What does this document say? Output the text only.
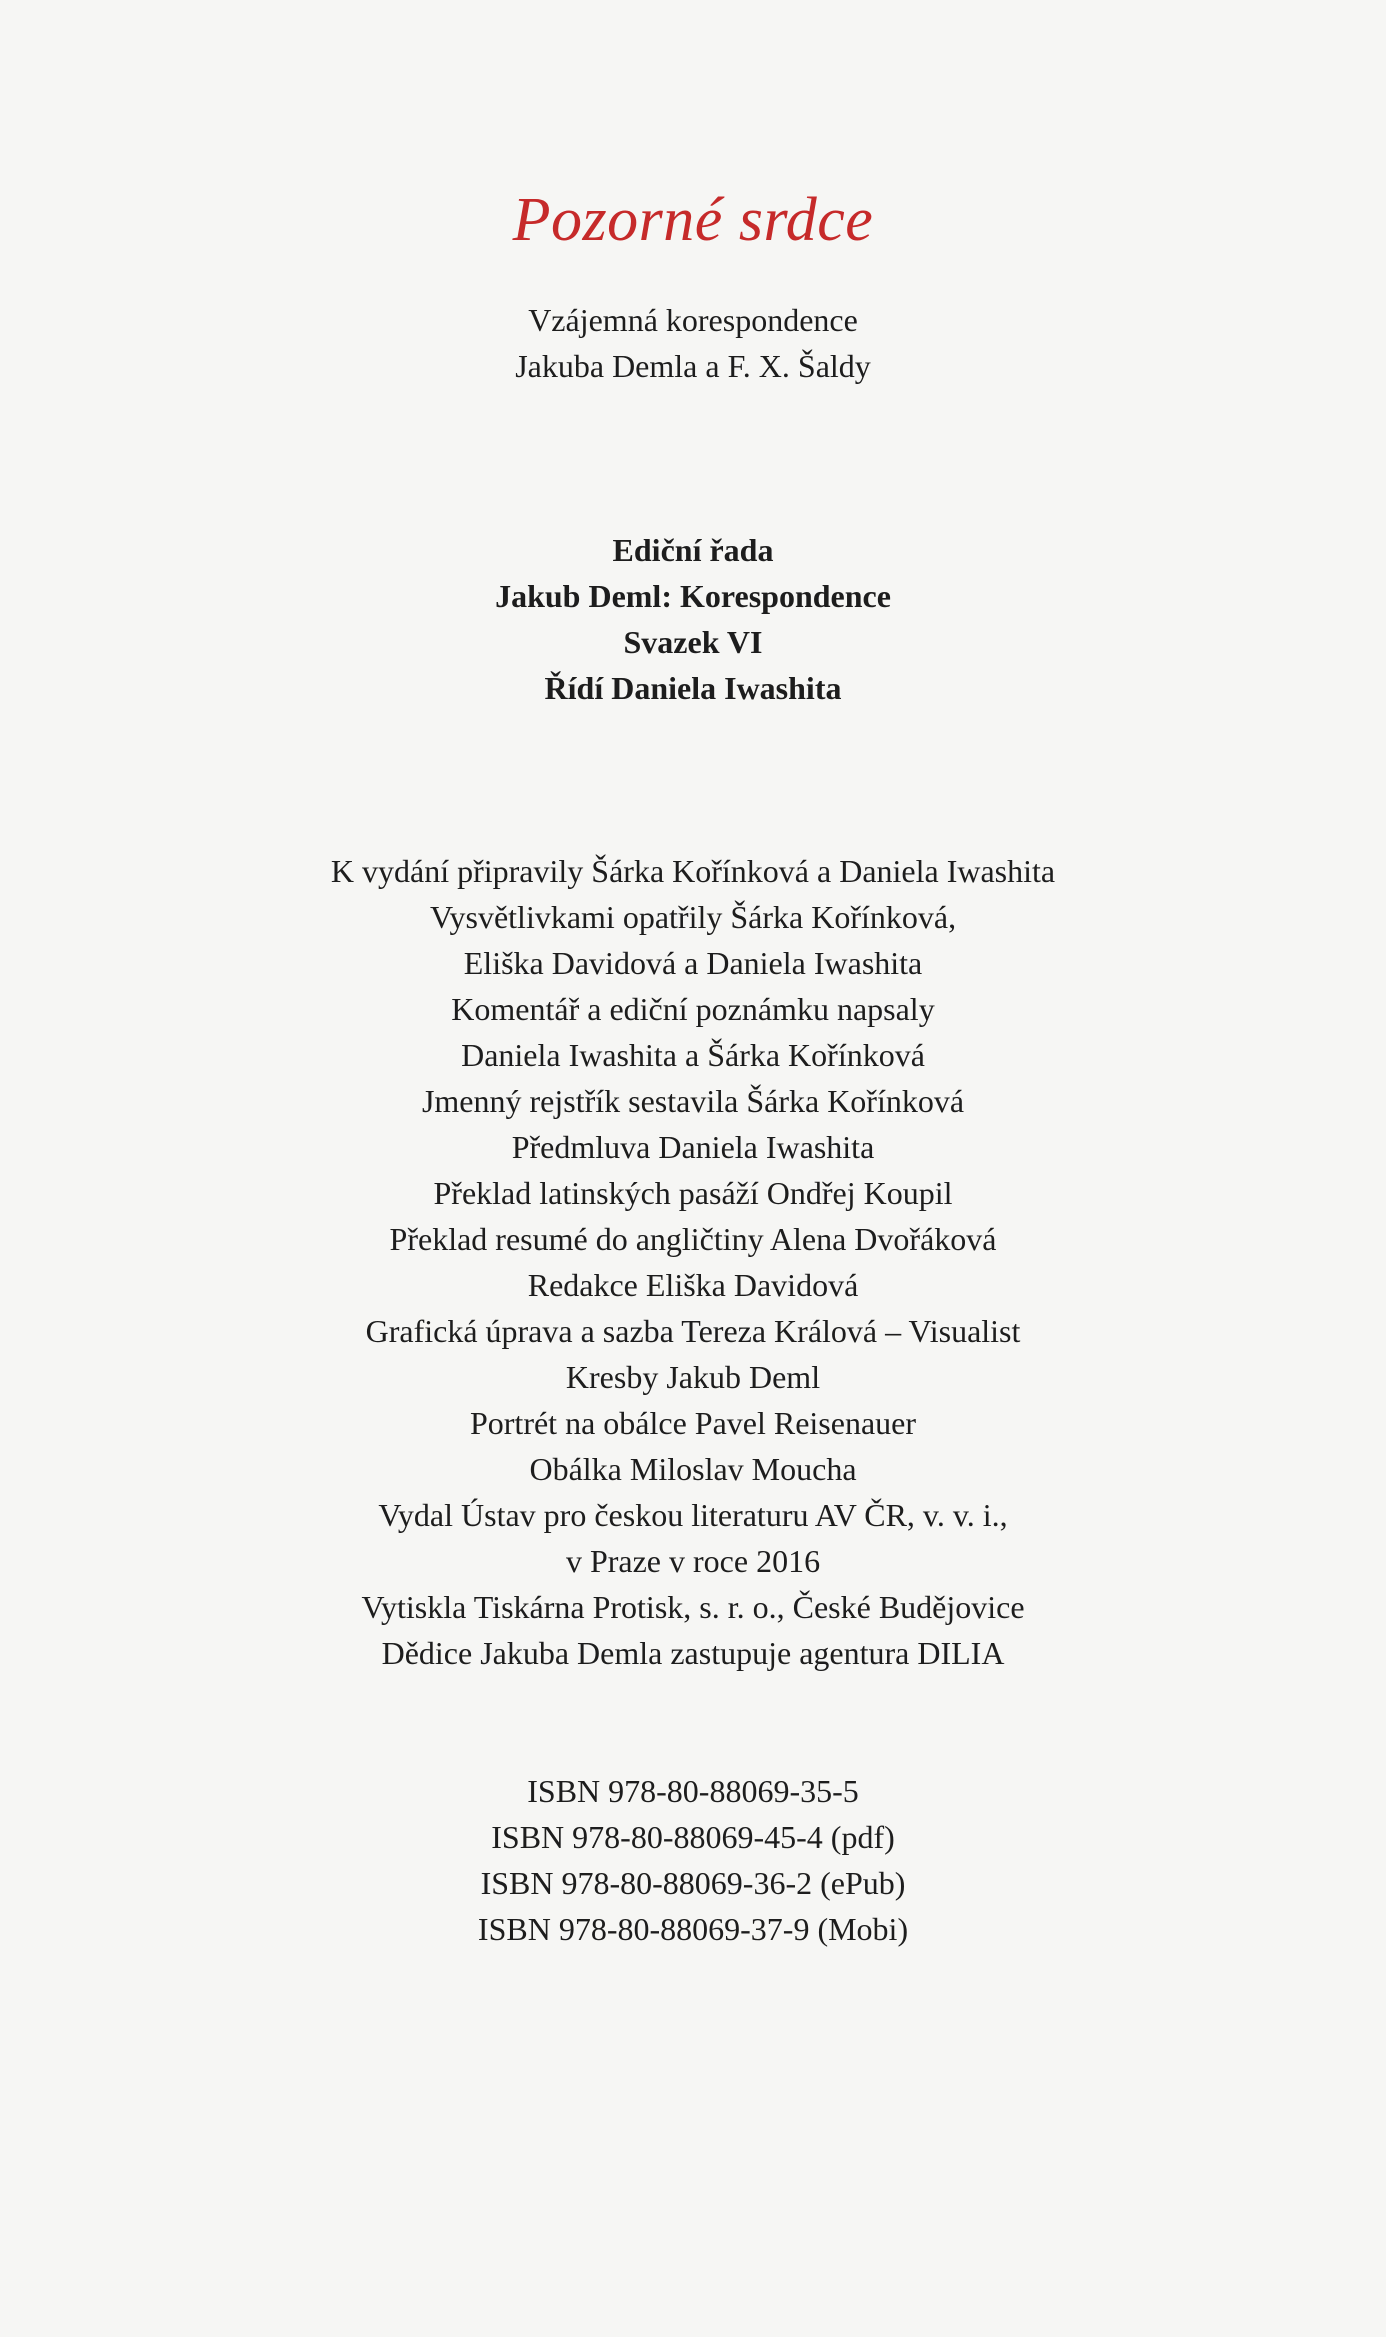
Pozorné srdce
Vzájemná korespondence
Jakuba Demla a F. X. Šaldy
Ediční řada
Jakub Deml: Korespondence
Svazek VI
Řídí Daniela Iwashita
K vydání připravily Šárka Kořínková a Daniela Iwashita
Vysvětlivkami opatřily Šárka Kořínková,
Eliška Davidová a Daniela Iwashita
Komentář a ediční poznámku napsaly
Daniela Iwashita a Šárka Kořínková
Jmenný rejstřík sestavila Šárka Kořínková
Předmluva Daniela Iwashita
Překlad latinských pasáží Ondřej Koupil
Překlad resumé do angličtiny Alena Dvořáková
Redakce Eliška Davidová
Grafická úprava a sazba Tereza Králová – Visualist
Kresby Jakub Deml
Portrét na obálce Pavel Reisenauer
Obálka Miloslav Moucha
Vydal Ústav pro českou literaturu AV ČR, v. v. i.,
v Praze v roce 2016
Vytiskla Tiskárna Protisk, s. r. o., České Budějovice
Dědice Jakuba Demla zastupuje agentura DILIA
ISBN 978-80-88069-35-5
ISBN 978-80-88069-45-4 (pdf)
ISBN 978-80-88069-36-2 (ePub)
ISBN 978-80-88069-37-9 (Mobi)
